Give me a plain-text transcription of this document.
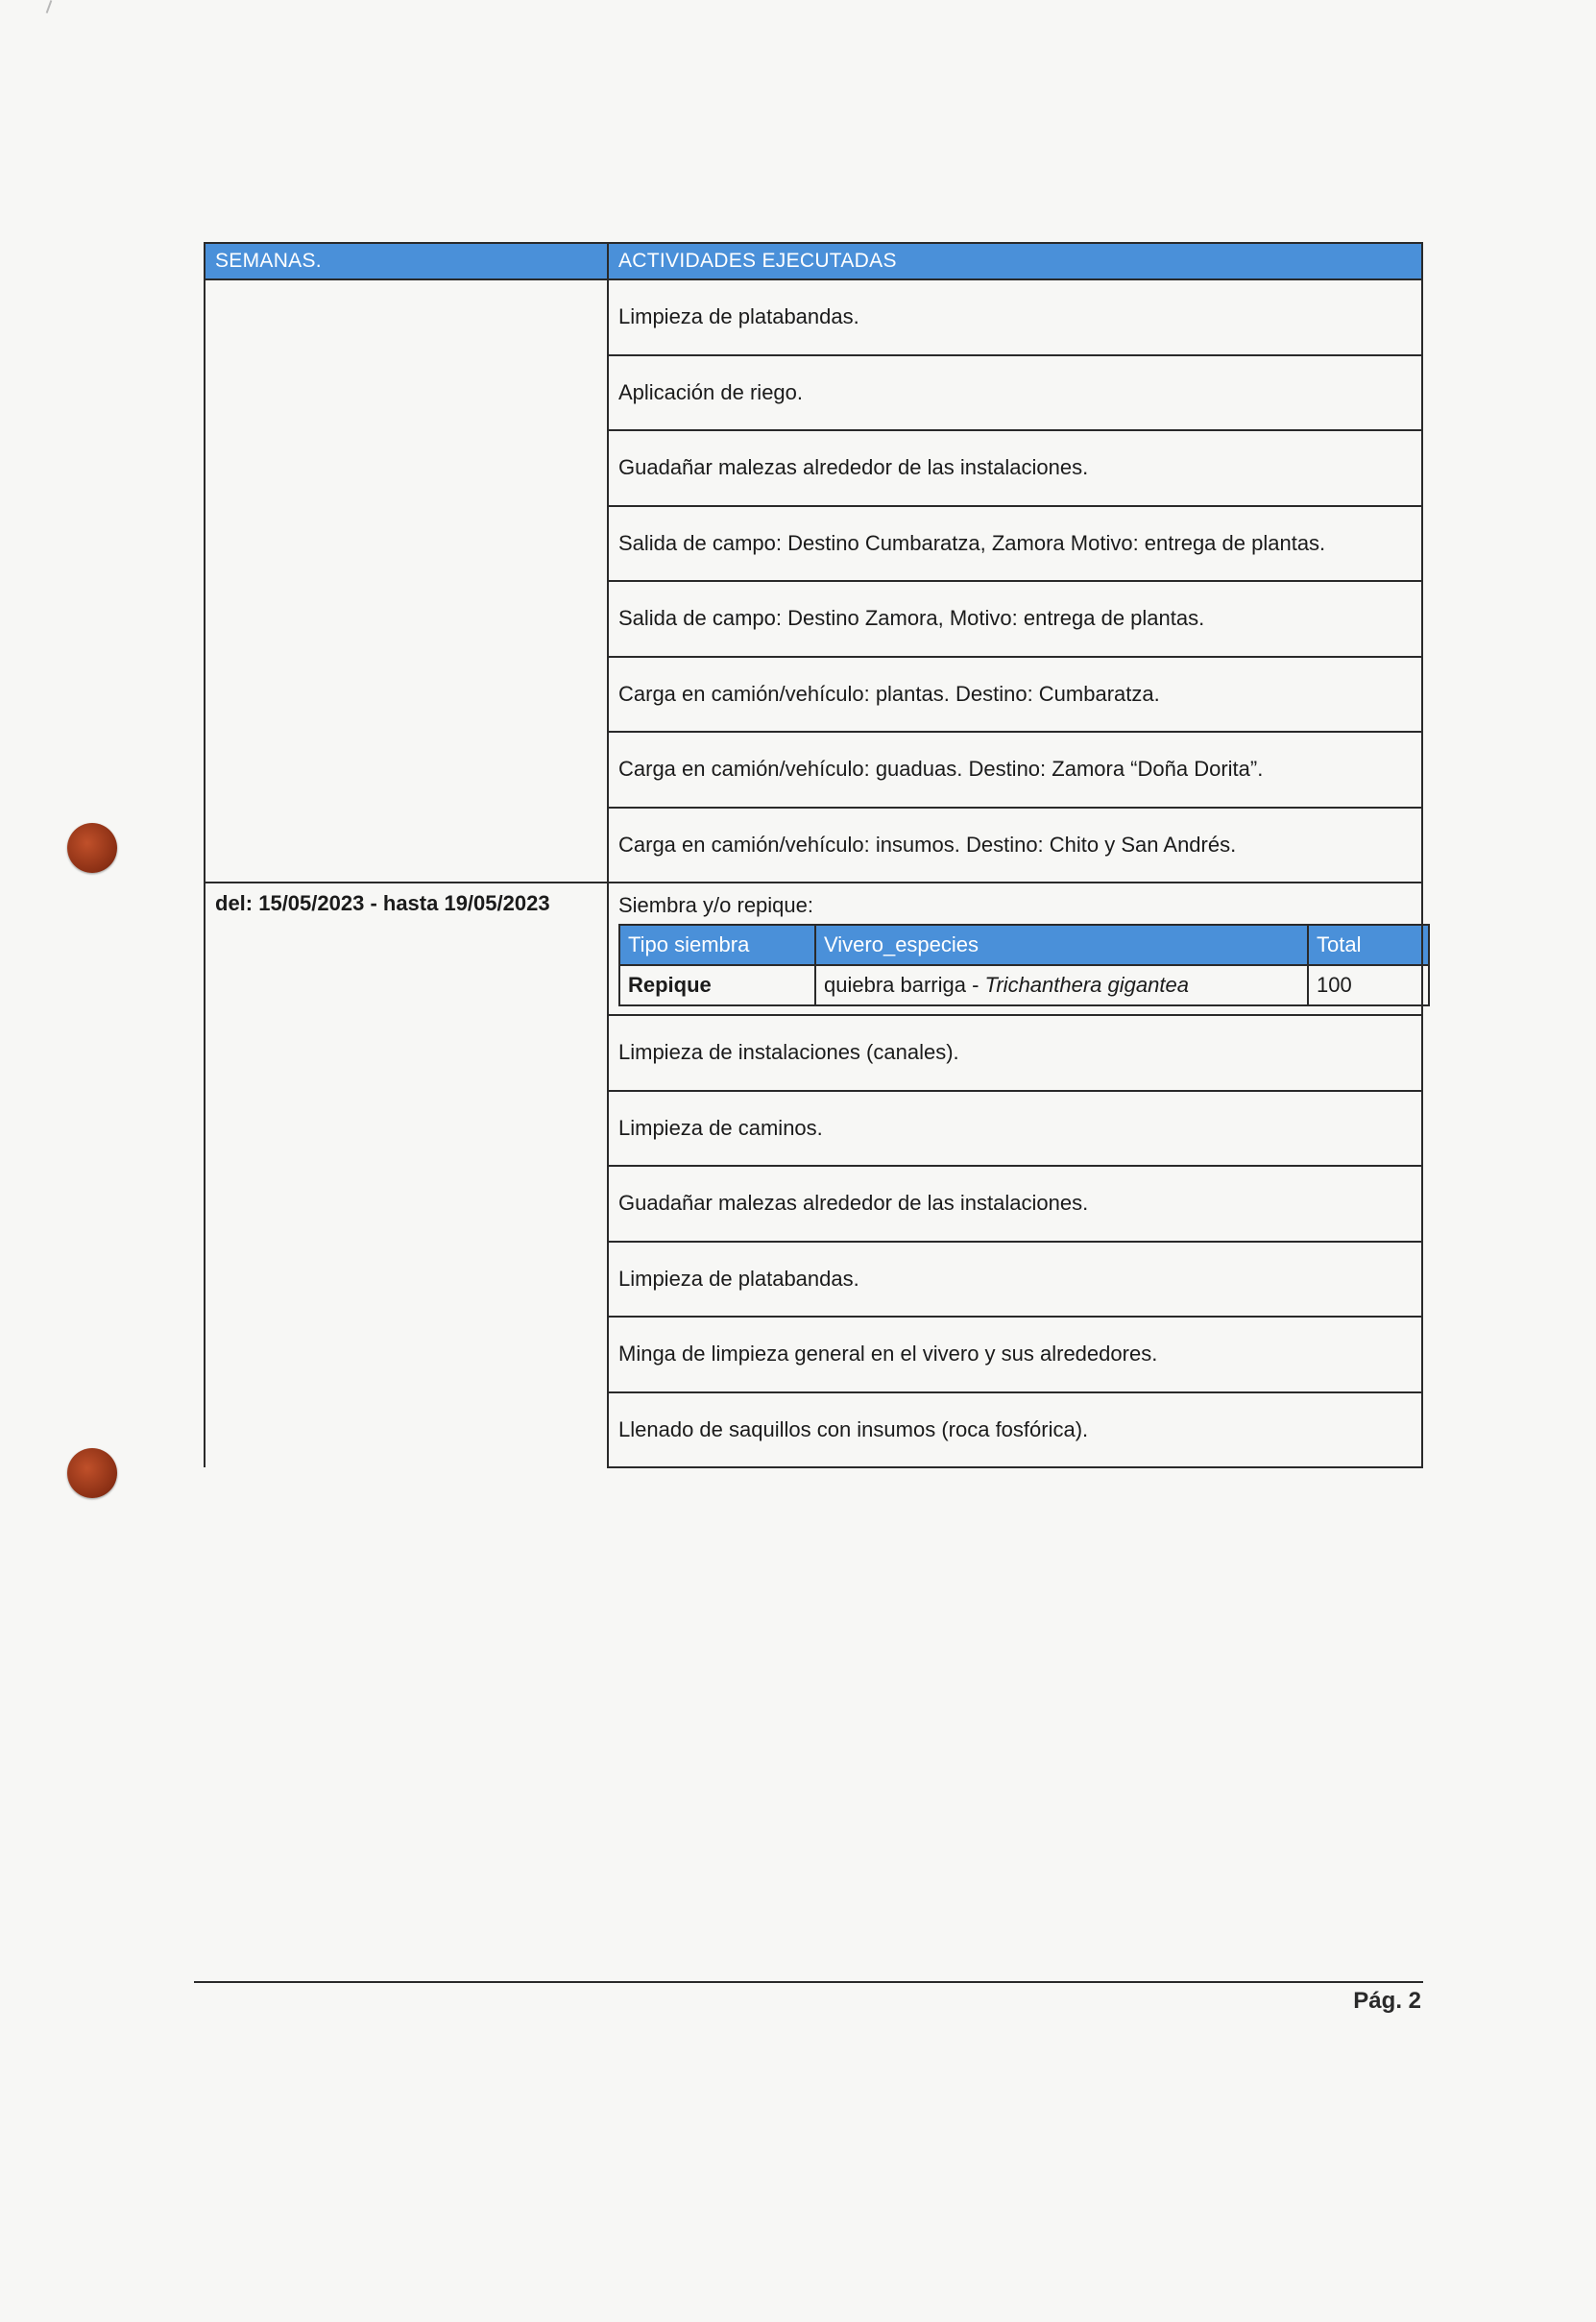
SEMANAS.	ACTIVIDADES EJECUTADAS
	Limpieza de platabandas.
Aplicación de riego.
Guadañar malezas alrededor de las instalaciones.
Salida de campo: Destino Cumbaratza, Zamora Motivo: entrega de plantas.
Salida de campo: Destino Zamora, Motivo: entrega de plantas.
Carga en camión/vehículo: plantas. Destino: Cumbaratza.
Carga en camión/vehículo: guaduas. Destino: Zamora “Doña Dorita”.
Carga en camión/vehículo: insumos. Destino: Chito y San Andrés.
del: 15/05/2023 - hasta 19/05/2023	Siembra y/o repique:
Tipo siembra	Vivero_especies	Total
Repique	quiebra barriga - Trichanthera gigantea	100

Limpieza de instalaciones (canales).
Limpieza de caminos.
Guadañar malezas alrededor de las instalaciones.
Limpieza de platabandas.
Minga de limpieza general en el vivero y sus alrededores.
Llenado de saquillos con insumos (roca fosfórica).
Pág. 2
